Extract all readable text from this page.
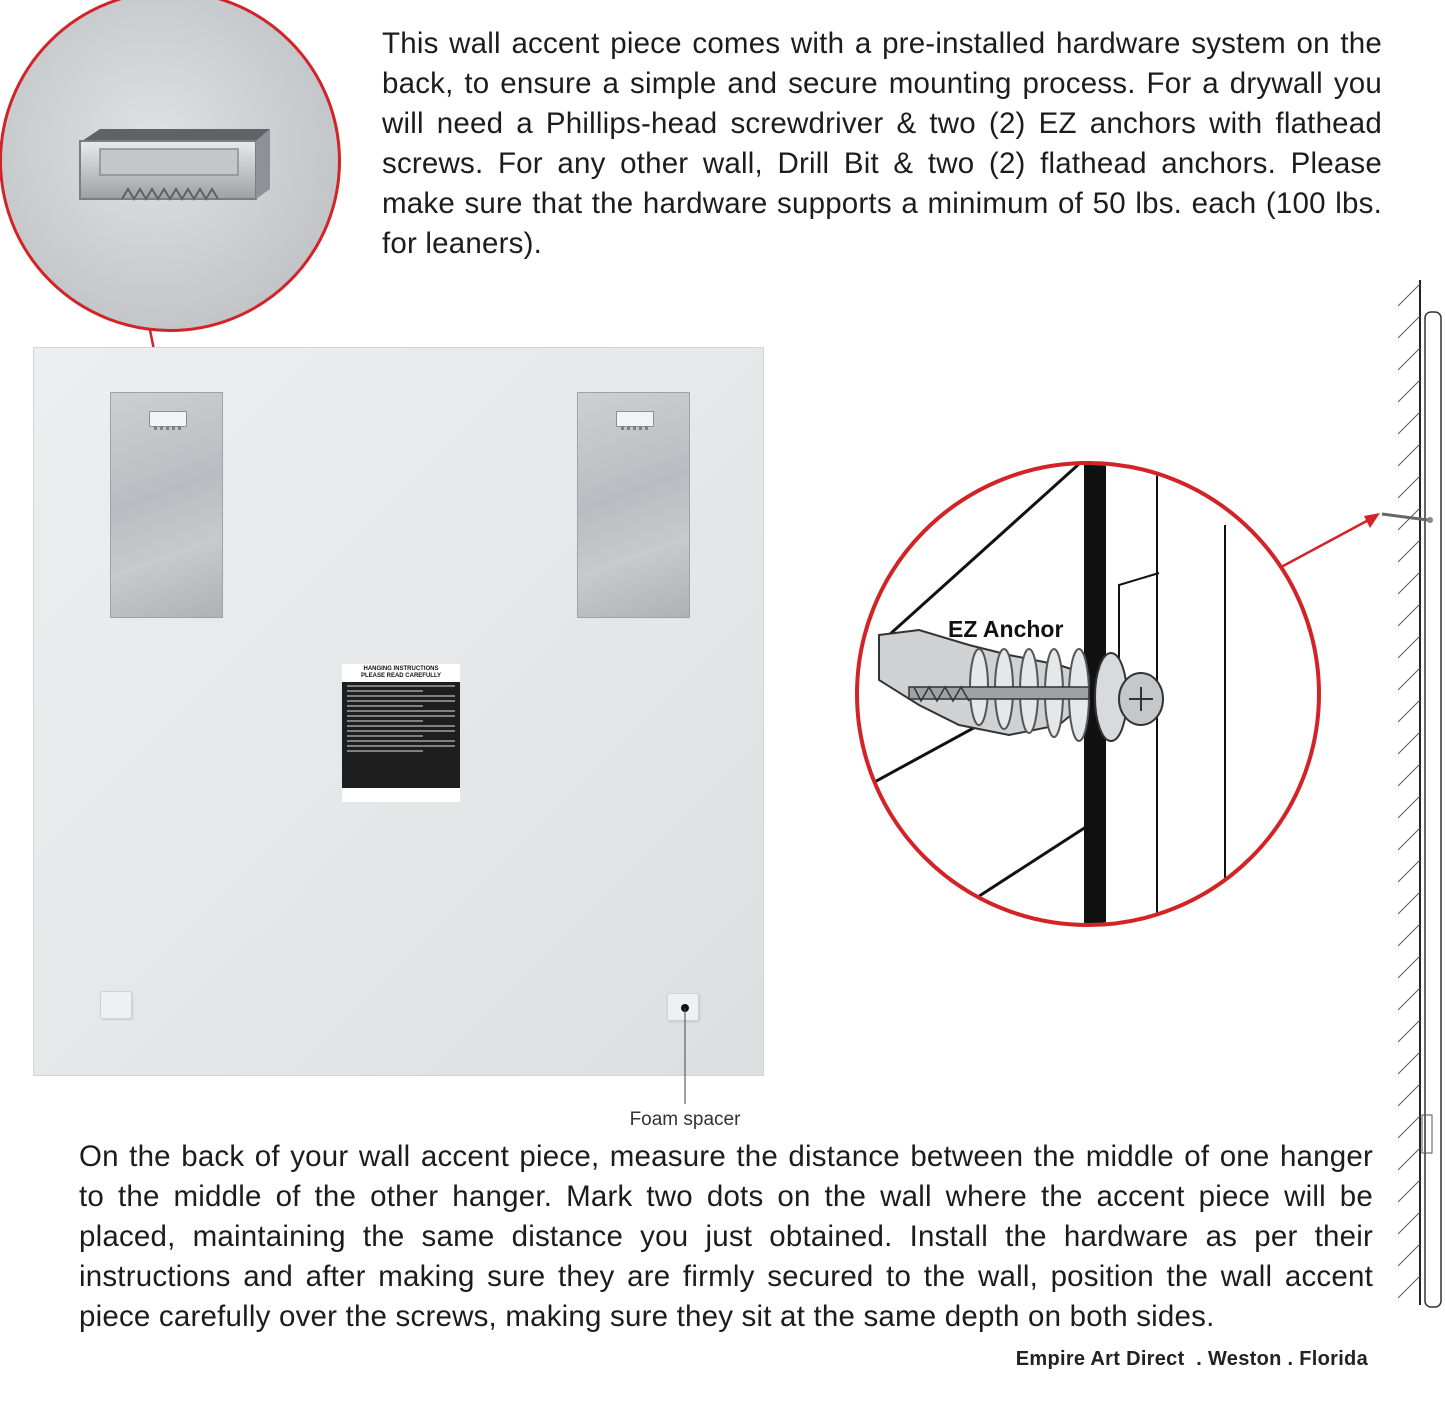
This wall accent piece comes with a pre-installed hardware system on the back, to ensure a simple and secure mounting process. For a drywall you will need a Phillips-head screwdriver & two (2) EZ anchors with flathead screws. For any other wall, Drill Bit & two (2) flathead anchors. Please make sure that the hardware supports a minimum of 50 lbs. each (100 lbs. for leaners).
HANGING INSTRUCTIONS
PLEASE READ CAREFULLY
Foam spacer
EZ Anchor
On the back of your wall accent piece, measure the distance between the middle of one hanger to the middle of the other hanger. Mark two dots on the wall where the accent piece will be placed, maintaining the same distance you just obtained. Install the hardware as per their instructions and after making sure they are firmly secured to the wall, position the wall accent piece carefully over the screws, making sure they sit at the same depth on both sides.
Empire Art Direct  . Weston . Florida
